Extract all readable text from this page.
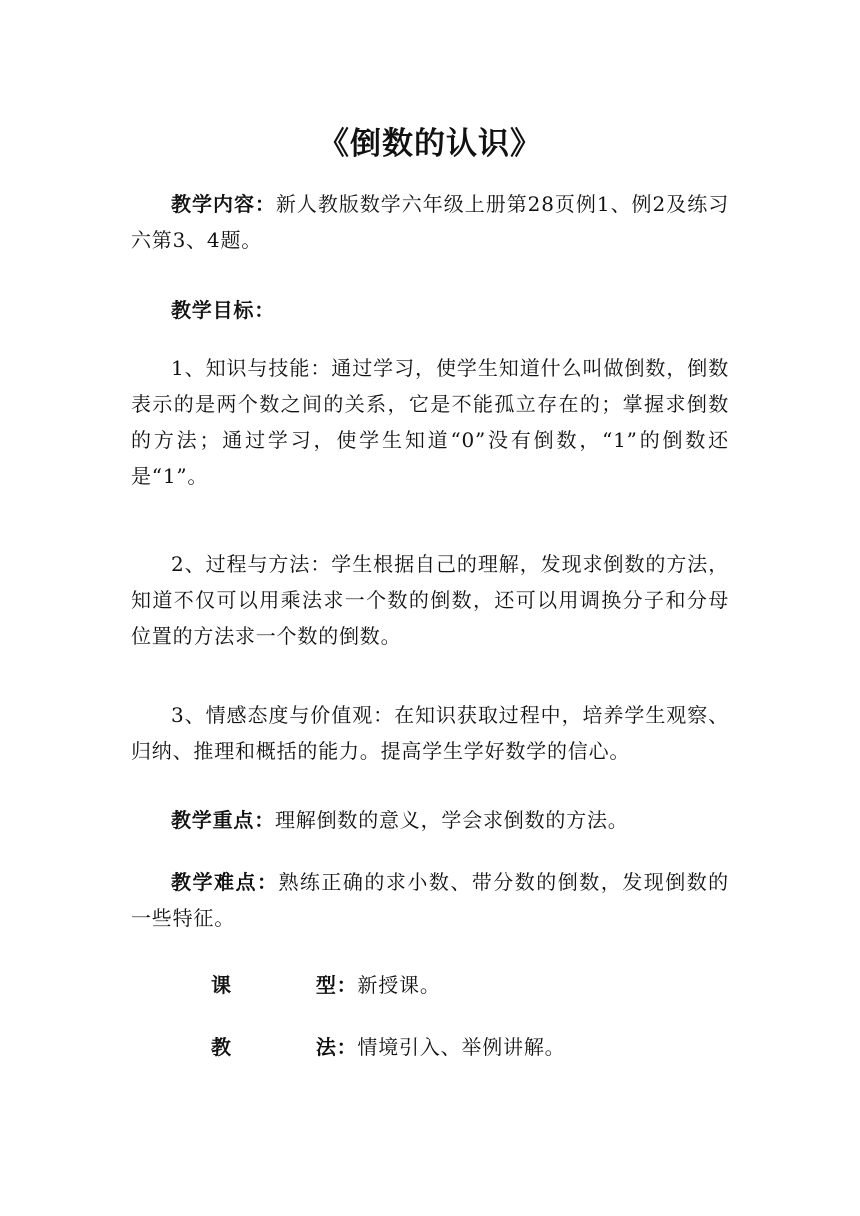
《倒数的认识》

教学内容：新人教版数学六年级上册第28页例1、例2及练习六第3、4题。

教学目标：

1、知识与技能：通过学习，使学生知道什么叫做倒数，倒数表示的是两个数之间的关系，它是不能孤立存在的；掌握求倒数的方法；通过学习，使学生知道“0”没有倒数，“1”的倒数还是“1”。

2、过程与方法：学生根据自己的理解，发现求倒数的方法，知道不仅可以用乘法求一个数的倒数，还可以用调换分子和分母位置的方法求一个数的倒数。

3、情感态度与价值观：在知识获取过程中，培养学生观察、归纳、推理和概括的能力。提高学生学好数学的信心。

教学重点：理解倒数的意义，学会求倒数的方法。

教学难点：熟练正确的求小数、带分数的倒数，发现倒数的一些特征。

课	型：新授课。

教	法：情境引入、举例讲解。
